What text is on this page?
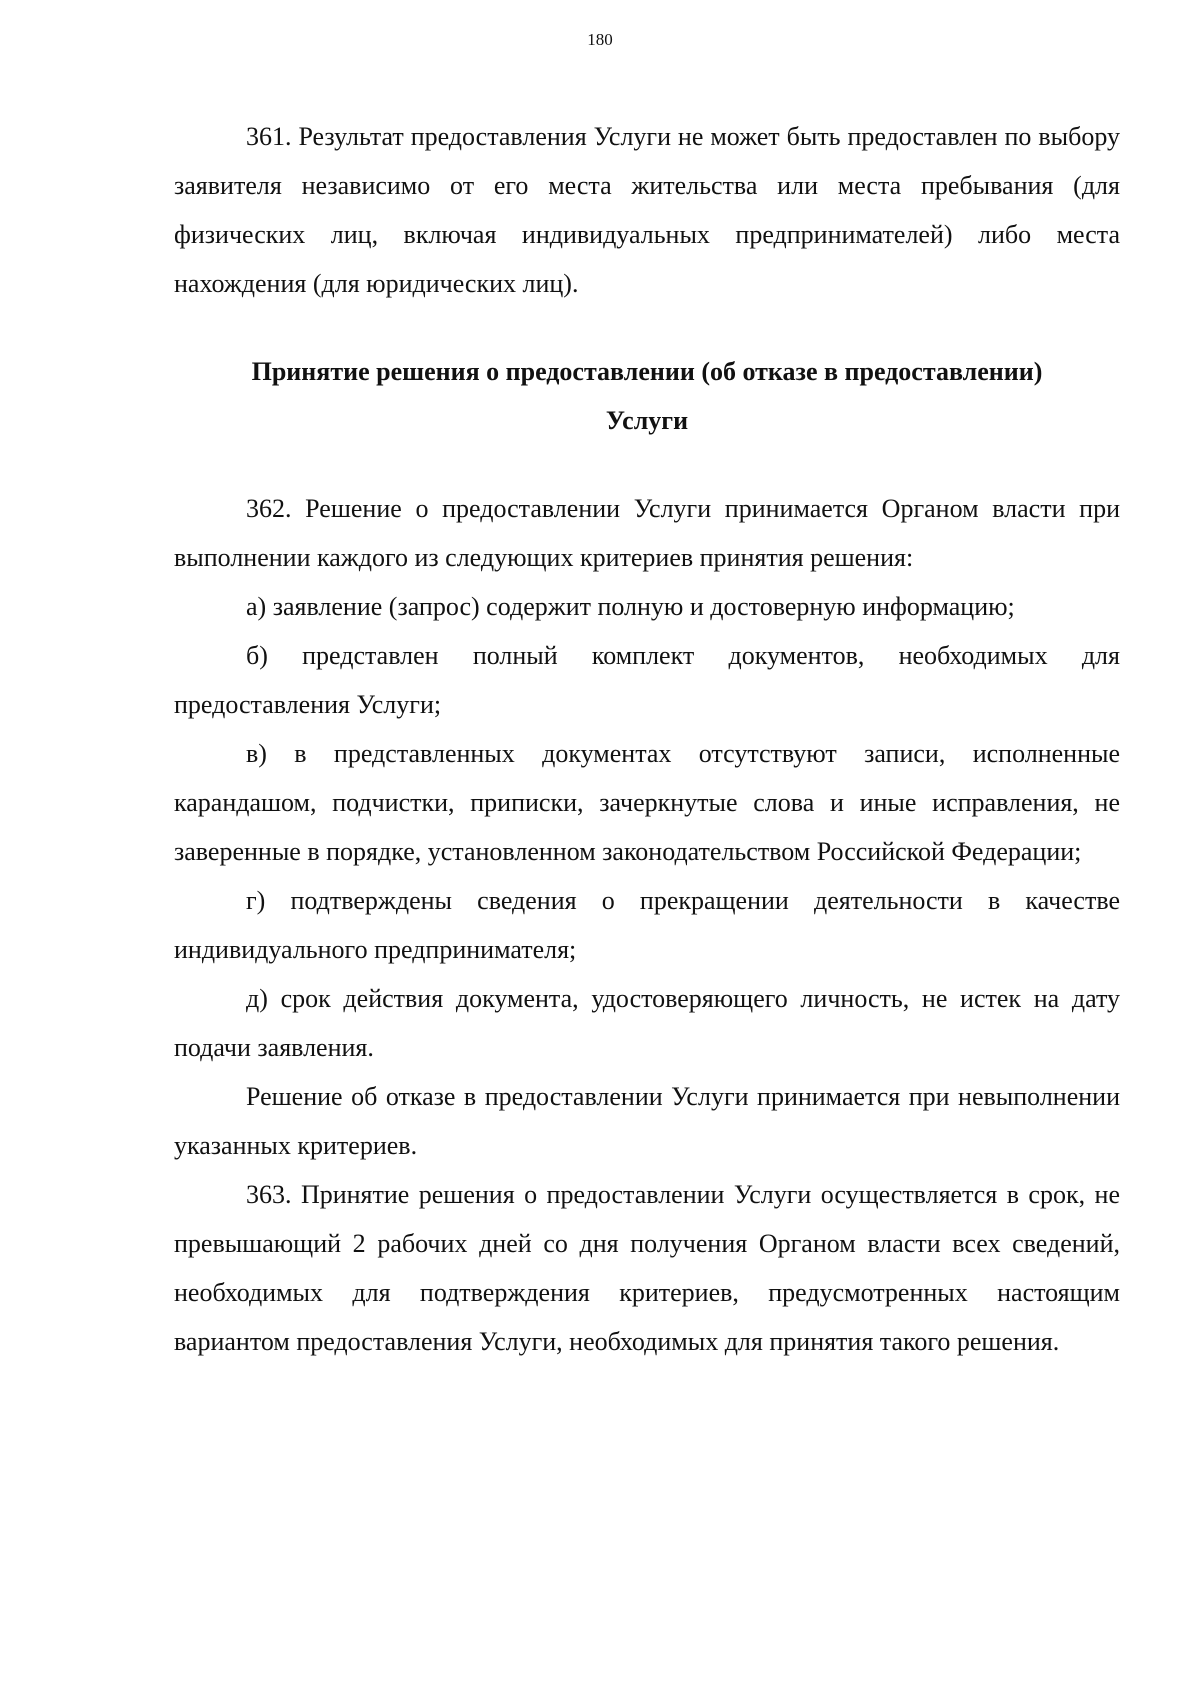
180

361. Результат предоставления Услуги не может быть предоставлен по выбору заявителя независимо от его места жительства или места пребывания (для физических лиц, включая индивидуальных предпринимателей) либо места нахождения (для юридических лиц).

Принятие решения о предоставлении (об отказе в предоставлении)

Услуги

362. Решение о предоставлении Услуги принимается Органом власти при выполнении каждого из следующих критериев принятия решения:

а) заявление (запрос) содержит полную и достоверную информацию;

б) представлен полный комплект документов, необходимых для предоставления Услуги;

в) в представленных документах отсутствуют записи, исполненные карандашом, подчистки, приписки, зачеркнутые слова и иные исправления, не заверенные в порядке, установленном законодательством Российской Федерации;

г) подтверждены сведения о прекращении деятельности в качестве индивидуального предпринимателя;

д) срок действия документа, удостоверяющего личность, не истек на дату подачи заявления.

Решение об отказе в предоставлении Услуги принимается при невыполнении указанных критериев.

363. Принятие решения о предоставлении Услуги осуществляется в срок, не превышающий 2 рабочих дней со дня получения Органом власти всех сведений, необходимых для подтверждения критериев, предусмотренных настоящим вариантом предоставления Услуги, необходимых для принятия такого решения.
